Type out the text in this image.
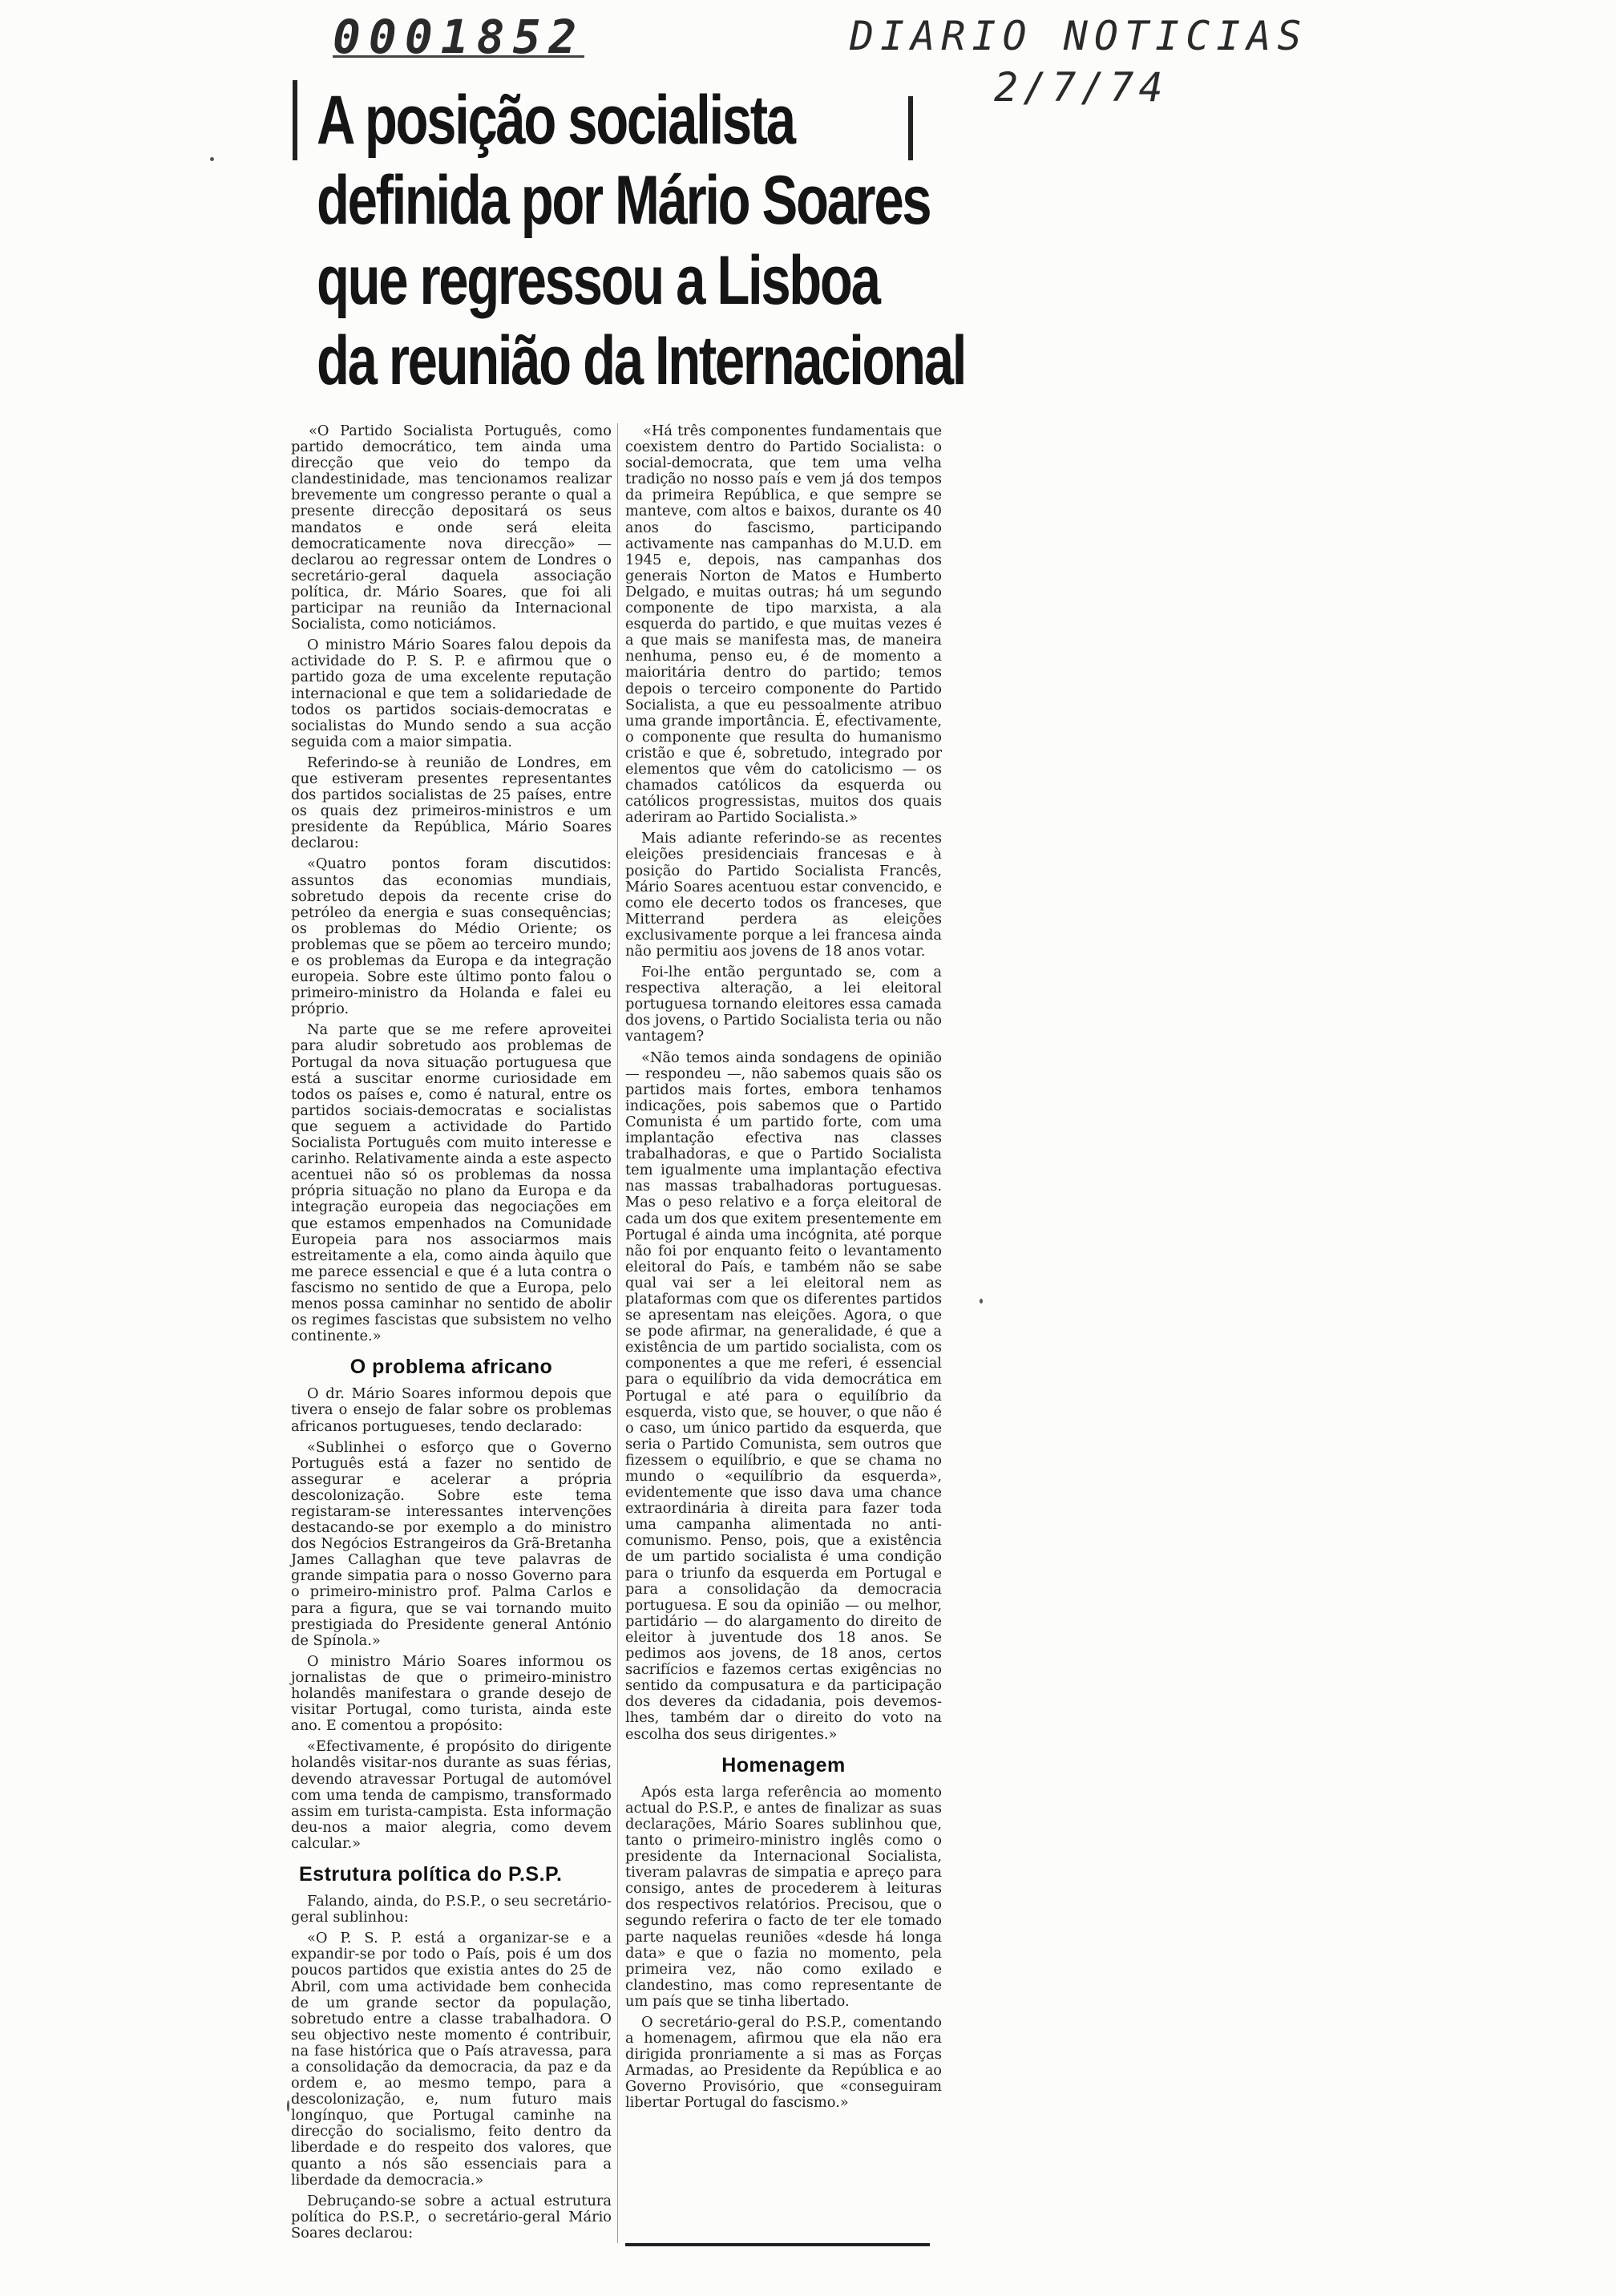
0001852	DIARIO NOTICIAS
2/7/74
A posição socialista
definida por Mário Soares
que regressou a Lisboa
da reunião da Internacional

«O Partido Socialista Português, como partido democrático, tem ainda uma direcção que veio do tempo da clandestinidade, mas tencionamos realizar brevemente um congresso perante o qual a presente direcção depositará os seus mandatos e onde será eleita democraticamente nova direcção» — declarou ao regressar ontem de Londres o secretário-geral daquela associação política, dr. Mário Soares, que foi ali participar na reunião da Internacional Socialista, como noticiámos.

O ministro Mário Soares falou depois da actividade do P. S. P. e afirmou que o partido goza de uma excelente reputação internacional e que tem a solidariedade de todos os partidos sociais-democratas e socialistas do Mundo sendo a sua acção seguida com a maior simpatia.

Referindo-se à reunião de Londres, em que estiveram presentes representantes dos partidos socialistas de 25 países, entre os quais dez primeiros-ministros e um presidente da República, Mário Soares declarou:

«Quatro pontos foram discutidos: assuntos das economias mundiais, sobretudo depois da recente crise do petróleo da energia e suas consequências; os problemas do Médio Oriente; os problemas que se põem ao terceiro mundo; e os problemas da Europa e da integração europeia. Sobre este último ponto falou o primeiro-ministro da Holanda e falei eu próprio.

Na parte que se me refere aproveitei para aludir sobretudo aos problemas de Portugal da nova situação portuguesa que está a suscitar enorme curiosidade em todos os países e, como é natural, entre os partidos sociais-democratas e socialistas que seguem a actividade do Partido Socialista Português com muito interesse e carinho. Relativamente ainda a este aspecto acentuei não só os problemas da nossa própria situação no plano da Europa e da integração europeia das negociações em que estamos empenhados na Comunidade Europeia para nos associarmos mais estreitamente a ela, como ainda àquilo que me parece essencial e que é a luta contra o fascismo no sentido de que a Europa, pelo menos possa caminhar no sentido de abolir os regimes fascistas que subsistem no velho continente.»

O problema africano

O dr. Mário Soares informou depois que tivera o ensejo de falar sobre os problemas africanos portugueses, tendo declarado:

«Sublinhei o esforço que o Governo Português está a fazer no sentido de assegurar e acelerar a própria descolonização. Sobre este tema registaram-se interessantes intervenções destacando-se por exemplo a do ministro dos Negócios Estrangeiros da Grã-Bretanha James Callaghan que teve palavras de grande simpatia para o nosso Governo para o primeiro-ministro prof. Palma Carlos e para a figura, que se vai tornando muito prestigiada do Presidente general António de Spínola.»

O ministro Mário Soares informou os jornalistas de que o primeiro-ministro holandês manifestara o grande desejo de visitar Portugal, como turista, ainda este ano. E comentou a propósito:

«Efectivamente, é propósito do dirigente holandês visitar-nos durante as suas férias, devendo atravessar Portugal de automóvel com uma tenda de campismo, transformado assim em turista-campista. Esta informação deu-nos a maior alegria, como devem calcular.»

Estrutura política do P.S.P.

Falando, ainda, do P.S.P., o seu secretário-geral sublinhou:

«O P. S. P. está a organizar-se e a expandir-se por todo o País, pois é um dos poucos partidos que existia antes do 25 de Abril, com uma actividade bem conhecida de um grande sector da população, sobretudo entre a classe trabalhadora. O seu objectivo neste momento é contribuir, na fase histórica que o País atravessa, para a consolidação da democracia, da paz e da ordem e, ao mesmo tempo, para a descolonização, e, num futuro mais longínquo, que Portugal caminhe na direcção do socialismo, feito dentro da liberdade e do respeito dos valores, que quanto a nós são essenciais para a liberdade da democracia.»

Debruçando-se sobre a actual estrutura política do P.S.P., o secretário-geral Mário Soares declarou:

«Há três componentes fundamentais que coexistem dentro do Partido Socialista: o social-democrata, que tem uma velha tradição no nosso país e vem já dos tempos da primeira República, e que sempre se manteve, com altos e baixos, durante os 40 anos do fascismo, participando activamente nas campanhas do M.U.D. em 1945 e, depois, nas campanhas dos generais Norton de Matos e Humberto Delgado, e muitas outras; há um segundo componente de tipo marxista, a ala esquerda do partido, e que muitas vezes é a que mais se manifesta mas, de maneira nenhuma, penso eu, é de momento a maioritária dentro do partido; temos depois o terceiro componente do Partido Socialista, a que eu pessoalmente atribuo uma grande importância. É, efectivamente, o componente que resulta do humanismo cristão e que é, sobretudo, integrado por elementos que vêm do catolicismo — os chamados católicos da esquerda ou católicos progressistas, muitos dos quais aderiram ao Partido Socialista.»

Mais adiante referindo-se as recentes eleições presidenciais francesas e à posição do Partido Socialista Francês, Mário Soares acentuou estar convencido, e como ele decerto todos os franceses, que Mitterrand perdera as eleições exclusivamente porque a lei francesa ainda não permitiu aos jovens de 18 anos votar.

Foi-lhe então perguntado se, com a respectiva alteração, a lei eleitoral portuguesa tornando eleitores essa camada dos jovens, o Partido Socialista teria ou não vantagem?

«Não temos ainda sondagens de opinião — respondeu —, não sabemos quais são os partidos mais fortes, embora tenhamos indicações, pois sabemos que o Partido Comunista é um partido forte, com uma implantação efectiva nas classes trabalhadoras, e que o Partido Socialista tem igualmente uma implantação efectiva nas massas trabalhadoras portuguesas. Mas o peso relativo e a força eleitoral de cada um dos que exitem presentemente em Portugal é ainda uma incógnita, até porque não foi por enquanto feito o levantamento eleitoral do País, e também não se sabe qual vai ser a lei eleitoral nem as plataformas com que os diferentes partidos se apresentam nas eleições. Agora, o que se pode afirmar, na generalidade, é que a existência de um partido socialista, com os componentes a que me referi, é essencial para o equilíbrio da vida democrática em Portugal e até para o equilíbrio da esquerda, visto que, se houver, o que não é o caso, um único partido da esquerda, que seria o Partido Comunista, sem outros que fizessem o equilíbrio, e que se chama no mundo o «equilíbrio da esquerda», evidentemente que isso dava uma chance extraordinária à direita para fazer toda uma campanha alimentada no anti-comunismo. Penso, pois, que a existência de um partido socialista é uma condição para o triunfo da esquerda em Portugal e para a consolidação da democracia portuguesa. E sou da opinião — ou melhor, partidário — do alargamento do direito de eleitor à juventude dos 18 anos. Se pedimos aos jovens, de 18 anos, certos sacrifícios e fazemos certas exigências no sentido da compusatura e da participação dos deveres da cidadania, pois devemos-lhes, também dar o direito do voto na escolha dos seus dirigentes.»

Homenagem

Após esta larga referência ao momento actual do P.S.P., e antes de finalizar as suas declarações, Mário Soares sublinhou que, tanto o primeiro-ministro inglês como o presidente da Internacional Socialista, tiveram palavras de simpatia e apreço para consigo, antes de procederem à leituras dos respectivos relatórios. Precisou, que o segundo referira o facto de ter ele tomado parte naquelas reuniões «desde há longa data» e que o fazia no momento, pela primeira vez, não como exilado e clandestino, mas como representante de um país que se tinha libertado.

O secretário-geral do P.S.P., comentando a homenagem, afirmou que ela não era dirigida pronriamente a si mas as Forças Armadas, ao Presidente da República e ao Governo Provisório, que «conseguiram libertar Portugal do fascismo.»
